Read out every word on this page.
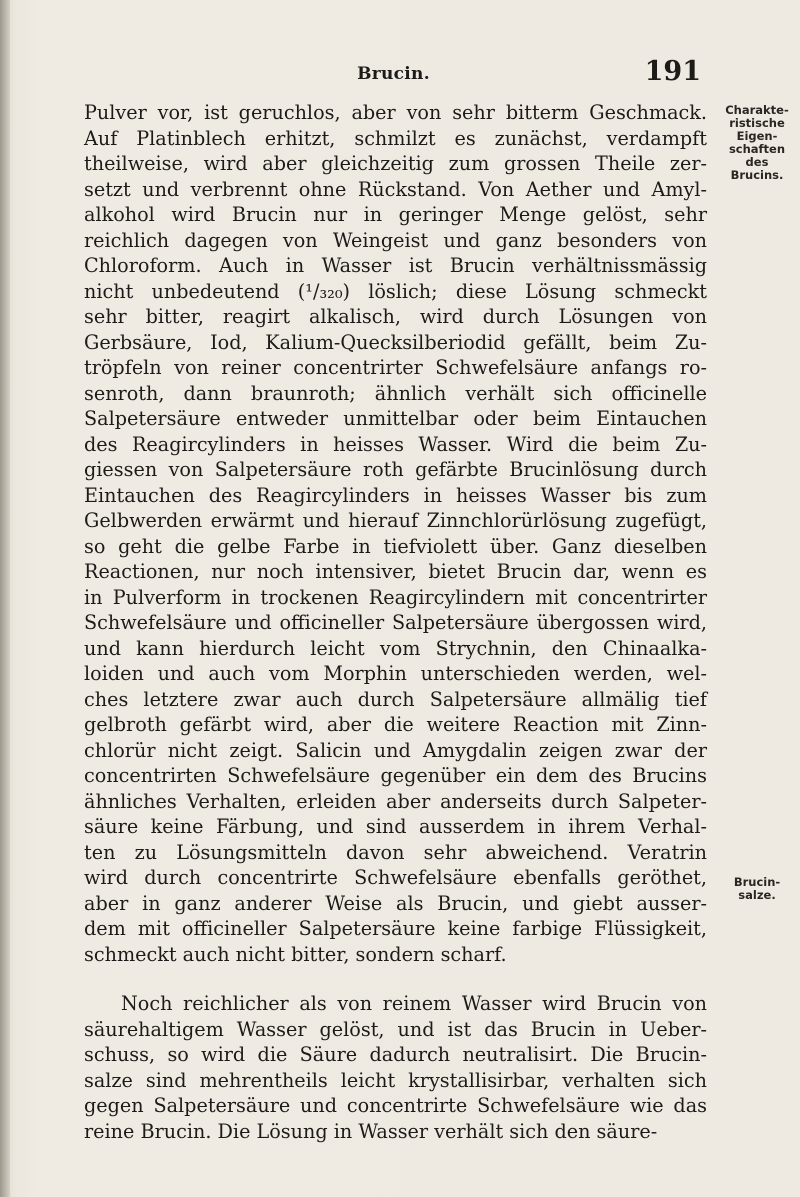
Brucin.	191
Charakte-
ristische
Eigen-
schaften
des
Brucins.
Brucin-
salze.
Pulver vor, ist geruchlos, aber von sehr bitterm Geschmack.
Auf Platinblech erhitzt, schmilzt es zunächst, verdampft
theilweise, wird aber gleichzeitig zum grossen Theile zer-
setzt und verbrennt ohne Rückstand. Von Aether und Amyl-
alkohol wird Brucin nur in geringer Menge gelöst, sehr
reichlich dagegen von Weingeist und ganz besonders von
Chloroform. Auch in Wasser ist Brucin verhältnissmässig
nicht unbedeutend (¹/₃₂₀) löslich; diese Lösung schmeckt
sehr bitter, reagirt alkalisch, wird durch Lösungen von
Gerbsäure, Iod, Kalium-Quecksilberiodid gefällt, beim Zu-
tröpfeln von reiner concentrirter Schwefelsäure anfangs ro-
senroth, dann braunroth; ähnlich verhält sich officinelle
Salpetersäure entweder unmittelbar oder beim Eintauchen
des Reagircylinders in heisses Wasser. Wird die beim Zu-
giessen von Salpetersäure roth gefärbte Brucinlösung durch
Eintauchen des Reagircylinders in heisses Wasser bis zum
Gelbwerden erwärmt und hierauf Zinnchlorürlösung zugefügt,
so geht die gelbe Farbe in tiefviolett über. Ganz dieselben
Reactionen, nur noch intensiver, bietet Brucin dar, wenn es
in Pulverform in trockenen Reagircylindern mit concentrirter
Schwefelsäure und officineller Salpetersäure übergossen wird,
und kann hierdurch leicht vom Strychnin, den Chinaalka-
loiden und auch vom Morphin unterschieden werden, wel-
ches letztere zwar auch durch Salpetersäure allmälig tief
gelbroth gefärbt wird, aber die weitere Reaction mit Zinn-
chlorür nicht zeigt. Salicin und Amygdalin zeigen zwar der
concentrirten Schwefelsäure gegenüber ein dem des Brucins
ähnliches Verhalten, erleiden aber anderseits durch Salpeter-
säure keine Färbung, und sind ausserdem in ihrem Verhal-
ten zu Lösungsmitteln davon sehr abweichend. Veratrin
wird durch concentrirte Schwefelsäure ebenfalls geröthet,
aber in ganz anderer Weise als Brucin, und giebt ausser-
dem mit officineller Salpetersäure keine farbige Flüssigkeit,
schmeckt auch nicht bitter, sondern scharf.
Noch reichlicher als von reinem Wasser wird Brucin von
säurehaltigem Wasser gelöst, und ist das Brucin in Ueber-
schuss, so wird die Säure dadurch neutralisirt. Die Brucin-
salze sind mehrentheils leicht krystallisirbar, verhalten sich
gegen Salpetersäure und concentrirte Schwefelsäure wie das
reine Brucin. Die Lösung in Wasser verhält sich den säure-
